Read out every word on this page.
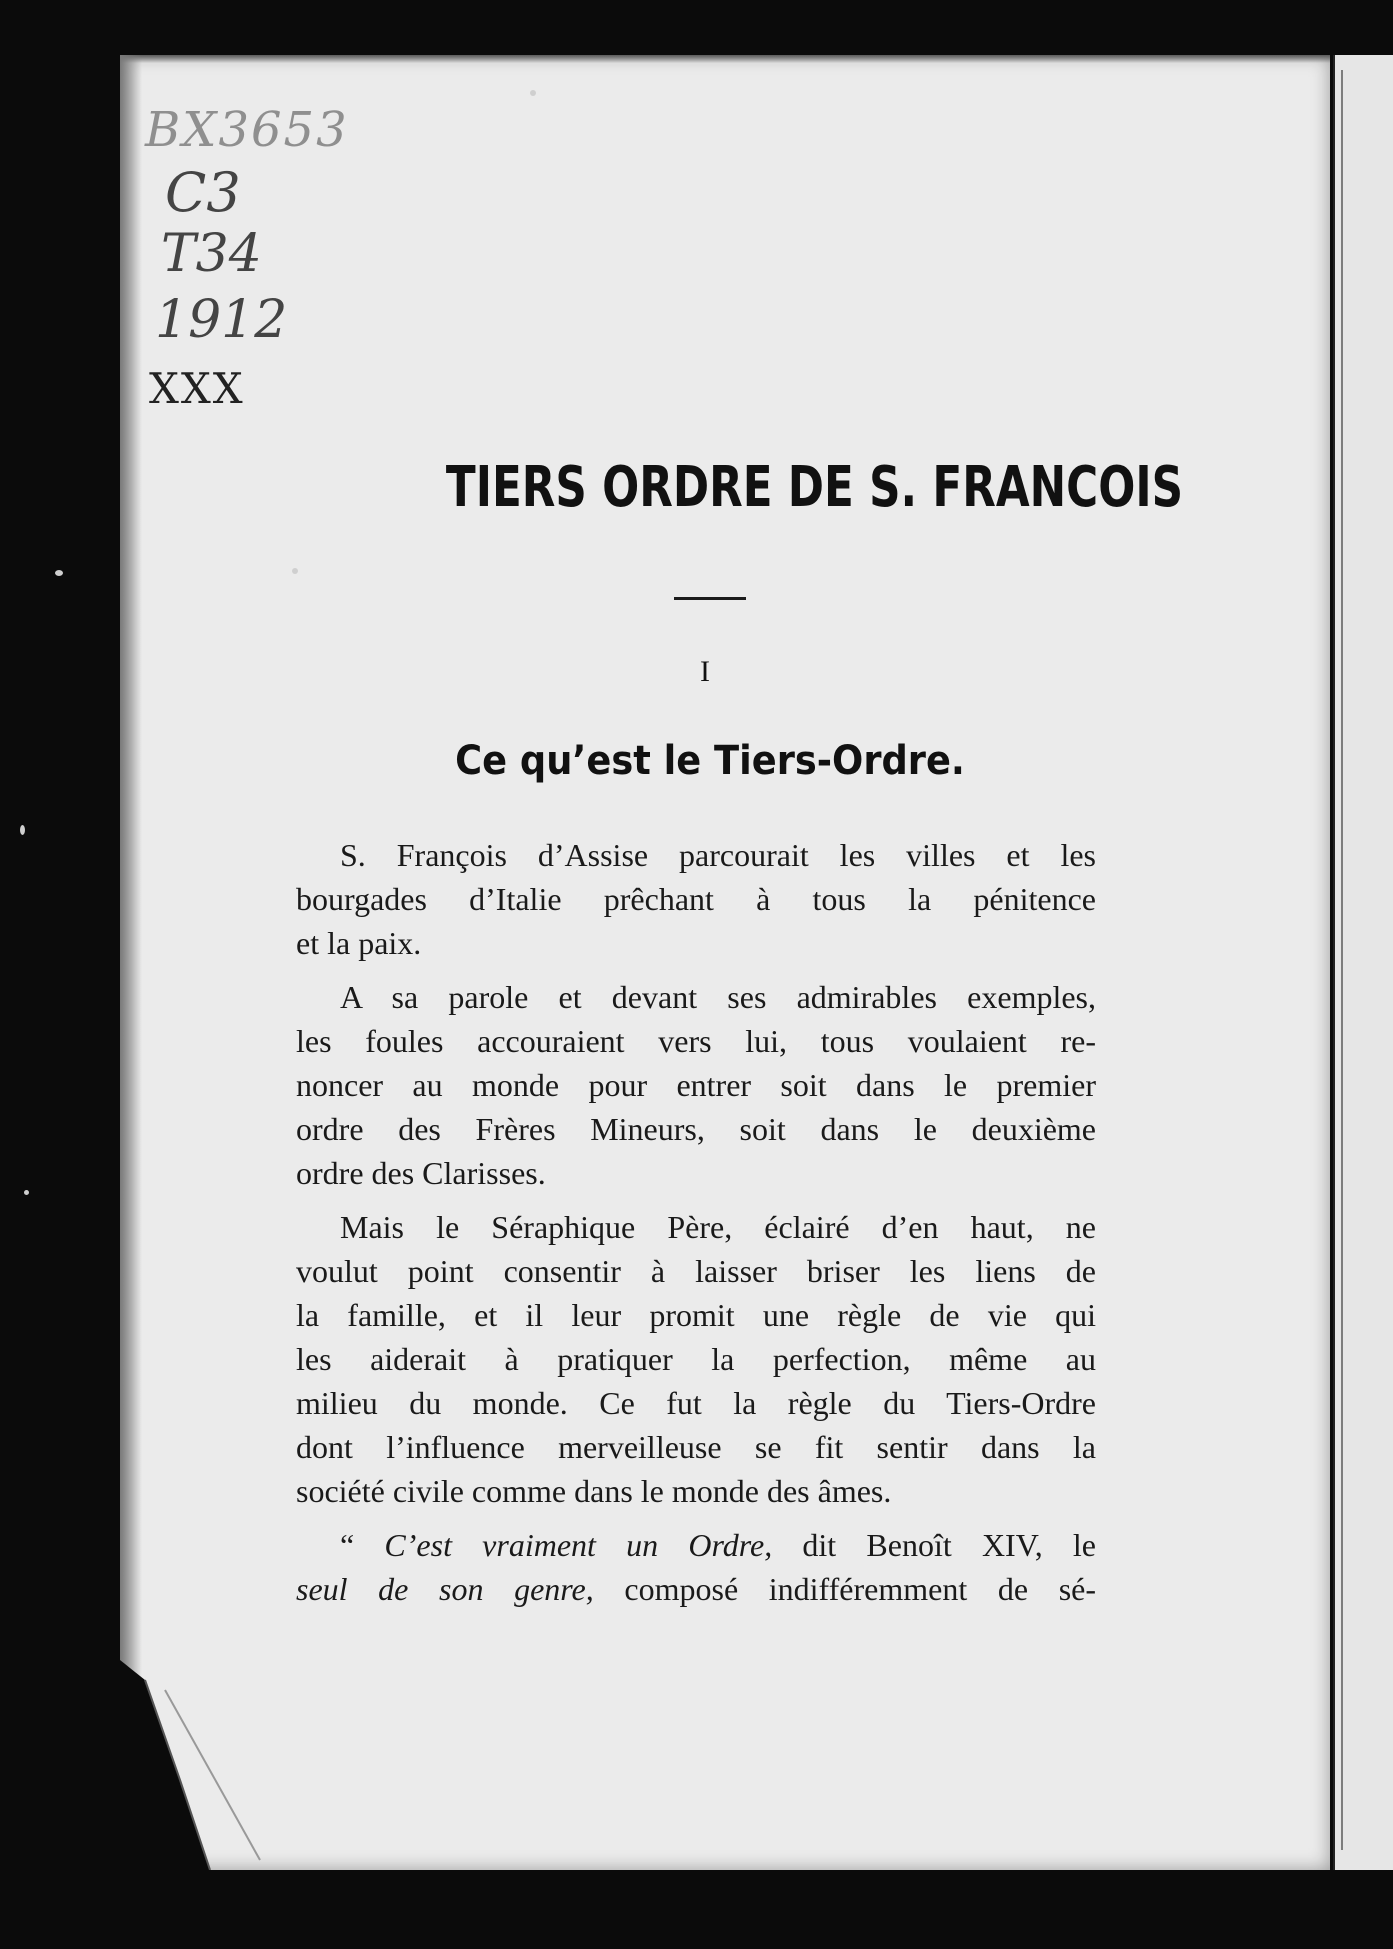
BX3653
C3
T34
1912
XXX
TIERS ORDRE DE S. FRANCOIS
I
Ce qu’est le Tiers-Ordre.
S. François d’Assise parcourait les villes et les
bourgades d’Italie prêchant à tous la pénitence
et la paix.
A sa parole et devant ses admirables exemples,
les foules accouraient vers lui, tous voulaient re-
noncer au monde pour entrer soit dans le premier
ordre des Frères Mineurs, soit dans le deuxième
ordre des Clarisses.
Mais le Séraphique Père, éclairé d’en haut, ne
voulut point consentir à laisser briser les liens de
la famille, et il leur promit une règle de vie qui
les aiderait à pratiquer la perfection, même au
milieu du monde. Ce fut la règle du Tiers-Ordre
dont l’influence merveilleuse se fit sentir dans la
société civile comme dans le monde des âmes.
“ C’est vraiment un Ordre, dit Benoît XIV, le
seul de son genre, composé indifféremment de sé-
